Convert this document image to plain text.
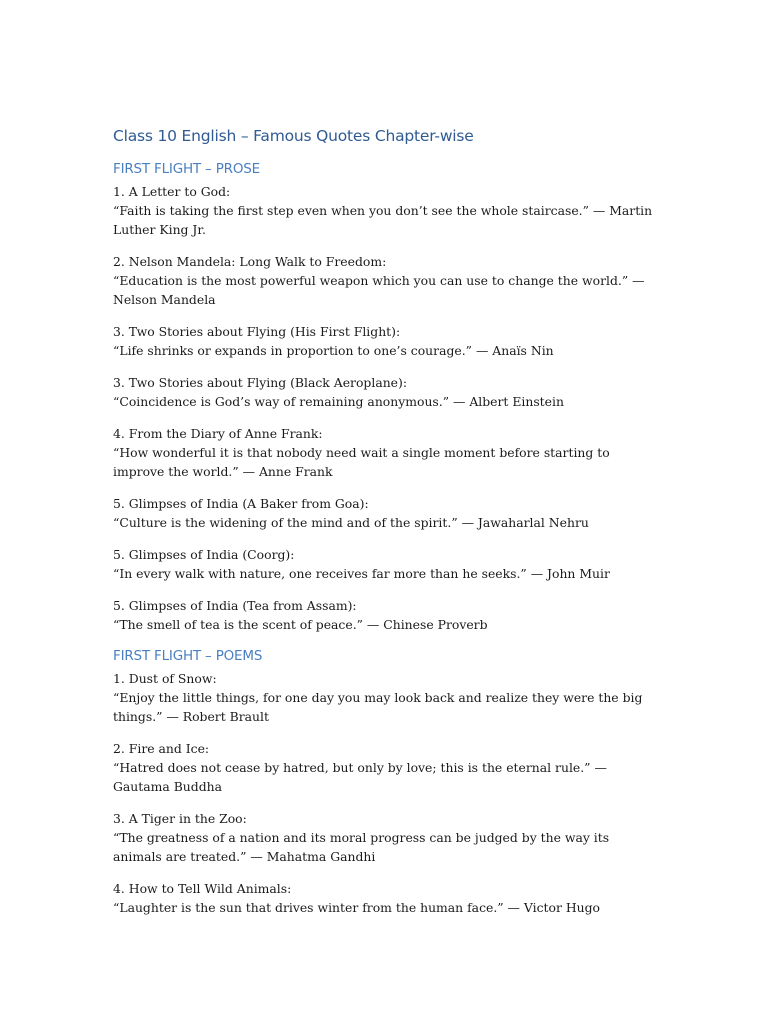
Class 10 English – Famous Quotes Chapter-wise
FIRST FLIGHT – PROSE
1. A Letter to God:
“Faith is taking the first step even when you don’t see the whole staircase.” — Martin Luther King Jr.
2. Nelson Mandela: Long Walk to Freedom:
“Education is the most powerful weapon which you can use to change the world.” — Nelson Mandela
3. Two Stories about Flying (His First Flight):
“Life shrinks or expands in proportion to one’s courage.” — Anaïs Nin
3. Two Stories about Flying (Black Aeroplane):
“Coincidence is God’s way of remaining anonymous.” — Albert Einstein
4. From the Diary of Anne Frank:
“How wonderful it is that nobody need wait a single moment before starting to improve the world.” — Anne Frank
5. Glimpses of India (A Baker from Goa):
“Culture is the widening of the mind and of the spirit.” — Jawaharlal Nehru
5. Glimpses of India (Coorg):
“In every walk with nature, one receives far more than he seeks.” — John Muir
5. Glimpses of India (Tea from Assam):
“The smell of tea is the scent of peace.” — Chinese Proverb
FIRST FLIGHT – POEMS
1. Dust of Snow:
“Enjoy the little things, for one day you may look back and realize they were the big things.” — Robert Brault
2. Fire and Ice:
“Hatred does not cease by hatred, but only by love; this is the eternal rule.” — Gautama Buddha
3. A Tiger in the Zoo:
“The greatness of a nation and its moral progress can be judged by the way its animals are treated.” — Mahatma Gandhi
4. How to Tell Wild Animals:
“Laughter is the sun that drives winter from the human face.” — Victor Hugo
